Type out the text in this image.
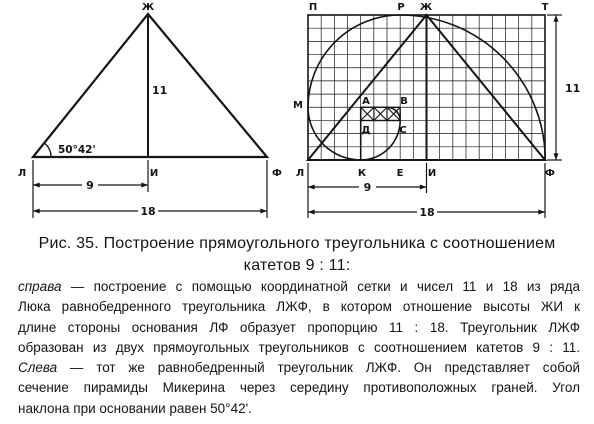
Ж
Л	И	Ф
11
50°42'
9
18
П	Р Ж	Т
М	А	В
Д	С
Л	К	Е И	Ф
11
9
18
Рис. 35. Построение прямоугольного треугольника с соотношением
катетов 9 : 11:
справа — построение с помощью координатной сетки и чисел 11 и 18 из ряда
Люка равнобедренного треугольника ЛЖФ, в котором отношение высоты ЖИ к
длине стороны основания ЛФ образует пропорцию 11 : 18. Треугольник ЛЖФ
образован из двух прямоугольных треугольников с соотношением катетов 9 : 11.
Слева — тот же равнобедренный треугольник ЛЖФ. Он представляет собой
сечение пирамиды Микерина через середину противоположных граней. Угол
наклона при основании равен 50°42'.
